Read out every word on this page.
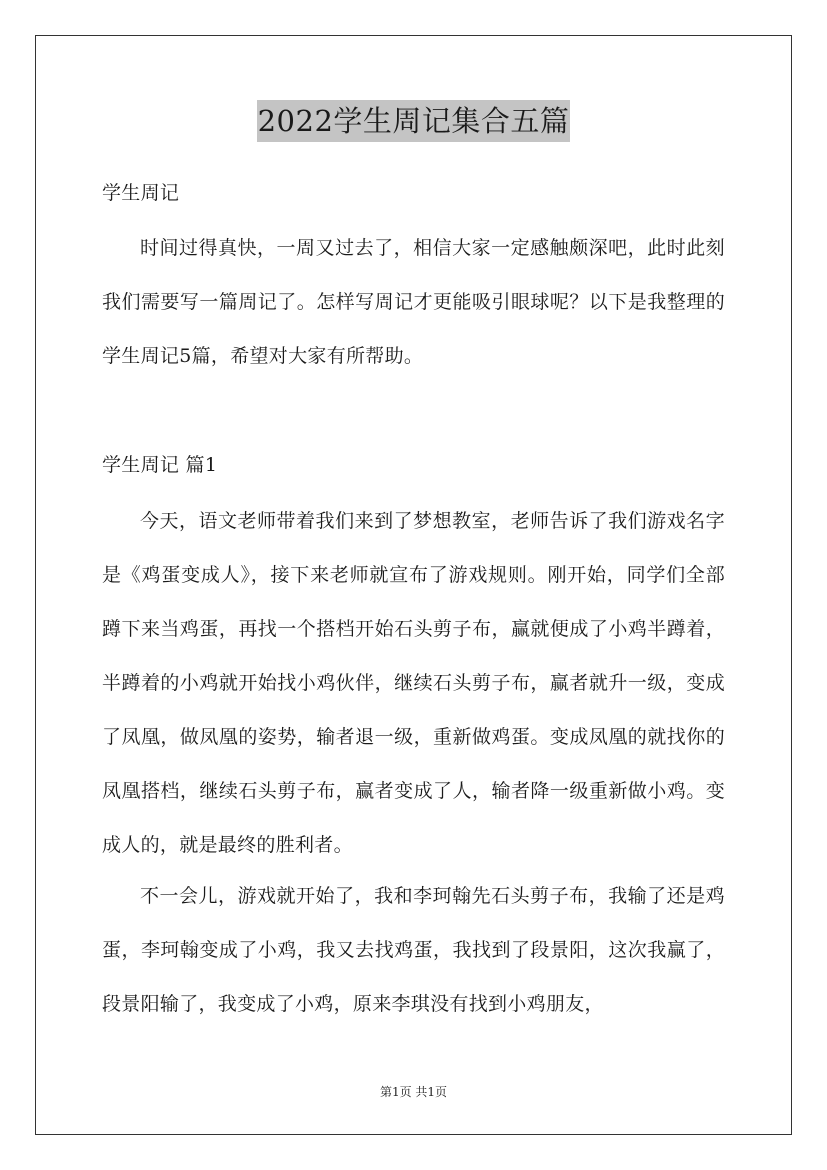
2022学生周记集合五篇

学生周记

时间过得真快，一周又过去了，相信大家一定感触颇深吧，此时此刻我们需要写一篇周记了。怎样写周记才更能吸引眼球呢？以下是我整理的学生周记5篇，希望对大家有所帮助。

学生周记 篇1

今天，语文老师带着我们来到了梦想教室，老师告诉了我们游戏名字是《鸡蛋变成人》，接下来老师就宣布了游戏规则。刚开始，同学们全部蹲下来当鸡蛋，再找一个搭档开始石头剪子布，赢就便成了小鸡半蹲着，半蹲着的小鸡就开始找小鸡伙伴，继续石头剪子布，赢者就升一级，变成了凤凰，做凤凰的姿势，输者退一级，重新做鸡蛋。变成凤凰的就找你的凤凰搭档，继续石头剪子布，赢者变成了人，输者降一级重新做小鸡。变成人的，就是最终的胜利者。

不一会儿，游戏就开始了，我和李珂翰先石头剪子布，我输了还是鸡蛋，李珂翰变成了小鸡，我又去找鸡蛋，我找到了段景阳，这次我赢了，段景阳输了，我变成了小鸡，原来李琪没有找到小鸡朋友，

第1页 共1页
